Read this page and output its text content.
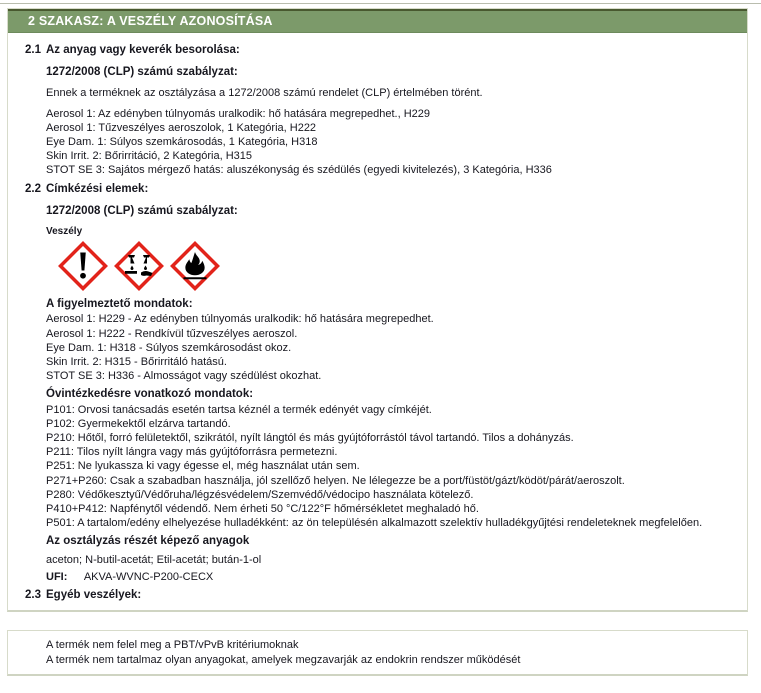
2 SZAKASZ: A VESZÉLY AZONOSÍTÁSA
2.1 Az anyag vagy keverék besorolása:

1272/2008 (CLP) számú szabályzat:

Ennek a terméknek az osztályzása a 1272/2008 számú rendelet (CLP) értelmében törént.

Aerosol 1: Az edényben túlnyomás uralkodik: hő hatására megrepedhet., H229
Aerosol 1: Tűzveszélyes aeroszolok, 1 Kategória, H222
Eye Dam. 1: Súlyos szemkárosodás, 1 Kategória, H318
Skin Irrit. 2: Bőrirritáció, 2 Kategória, H315
STOT SE 3: Sajátos mérgező hatás: aluszékonyság és szédülés (egyedi kivitelezés), 3 Kategória, H336
2.2 Címkézési elemek:

1272/2008 (CLP) számú szabályzat:

Veszély

A figyelmeztető mondatok:

Aerosol 1: H229 - Az edényben túlnyomás uralkodik: hő hatására megrepedhet.
Aerosol 1: H222 - Rendkívül tűzveszélyes aeroszol.
Eye Dam. 1: H318 - Súlyos szemkárosodást okoz.
Skin Irrit. 2: H315 - Bőrirritáló hatású.
STOT SE 3: H336 - Almosságot vagy szédülést okozhat.

Óvintézkedésre vonatkozó mondatok:

P101: Orvosi tanácsadás esetén tartsa kéznél a termék edényét vagy címkéjét.
P102: Gyermekektől elzárva tartandó.
P210: Hőtől, forró felületektől, szikrától, nyílt lángtól és más gyújtóforrástól távol tartandó. Tilos a dohányzás.
P211: Tilos nyílt lángra vagy más gyújtóforrásra permetezni.
P251: Ne lyukassza ki vagy égesse el, még használat után sem.
P271+P260: Csak a szabadban használja, jól szellőző helyen. Ne lélegezze be a port/füstöt/gázt/ködöt/párát/aeroszolt.
P280: Védőkesztyű/Védőruha/légzésvédelem/Szemvédő/védocipo használata kötelező.
P410+P412: Napfénytől védendő. Nem érheti 50 °C/122°F hőmérsékletet meghaladó hő.
P501: A tartalom/edény elhelyezése hulladékként: az ön településén alkalmazott szelektív hulladékgyűjtési rendeleteknek megfelelően.

Az osztályzás részét képező anyagok

aceton; N-butil-acetát; Etil-acetát; bután-1-ol

UFI: AKVA-WVNC-P200-CECX

2.3 Egyéb veszélyek:
A termék nem felel meg a PBT/vPvB kritériumoknak
A termék nem tartalmaz olyan anyagokat, amelyek megzavarják az endokrin rendszer működését
